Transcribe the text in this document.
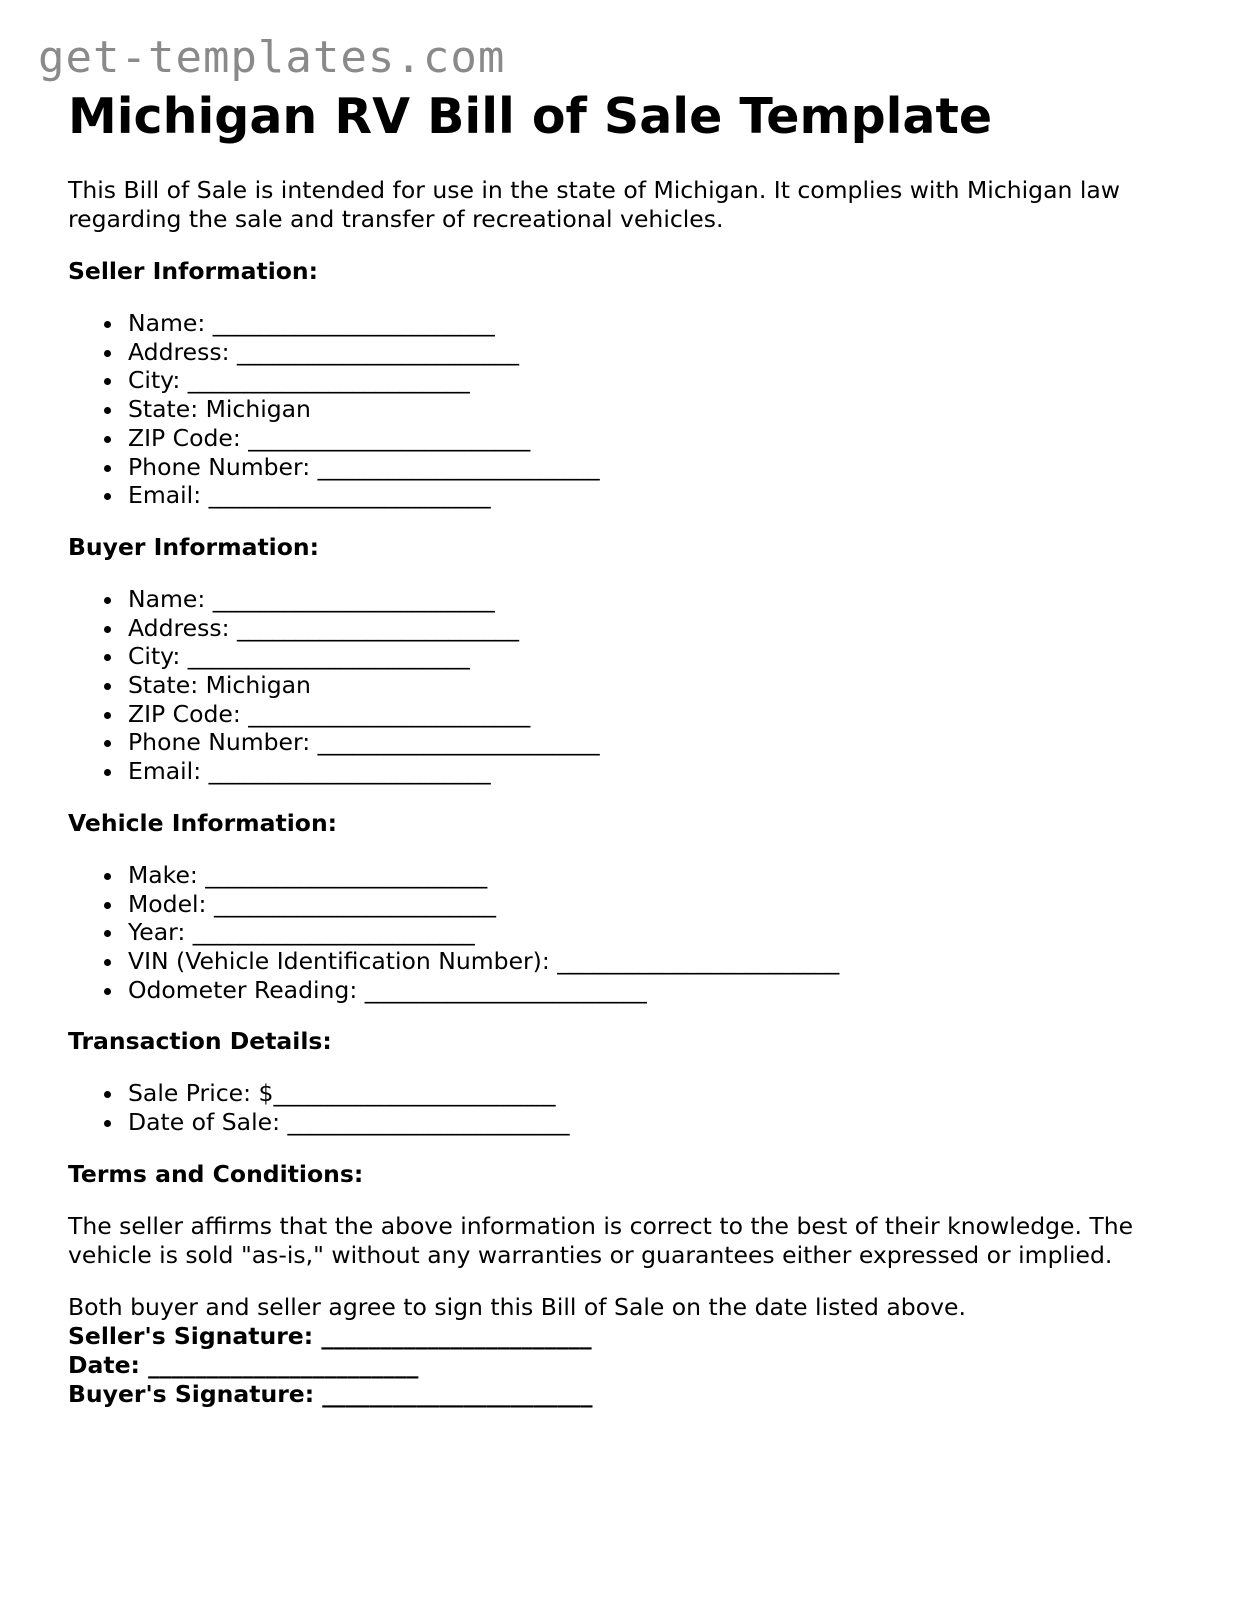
get-templates.com
Michigan RV Bill of Sale Template

This Bill of Sale is intended for use in the state of Michigan. It complies with Michigan law regarding the sale and transfer of recreational vehicles.

Seller Information:
Name: ________________________
Address: ________________________
City: ________________________
State: Michigan
ZIP Code: ________________________
Phone Number: ________________________
Email: ________________________
Buyer Information:
Name: ________________________
Address: ________________________
City: ________________________
State: Michigan
ZIP Code: ________________________
Phone Number: ________________________
Email: ________________________
Vehicle Information:
Make: ________________________
Model: ________________________
Year: ________________________
VIN (Vehicle Identification Number): ________________________
Odometer Reading: ________________________
Transaction Details:
Sale Price: $________________________
Date of Sale: ________________________
Terms and Conditions:

The seller affirms that the above information is correct to the best of their knowledge. The vehicle is sold "as-is," without any warranties or guarantees either expressed or implied.

Both buyer and seller agree to sign this Bill of Sale on the date listed above.

Seller's Signature: _______________________

Date: _______________________

Buyer's Signature: _______________________
